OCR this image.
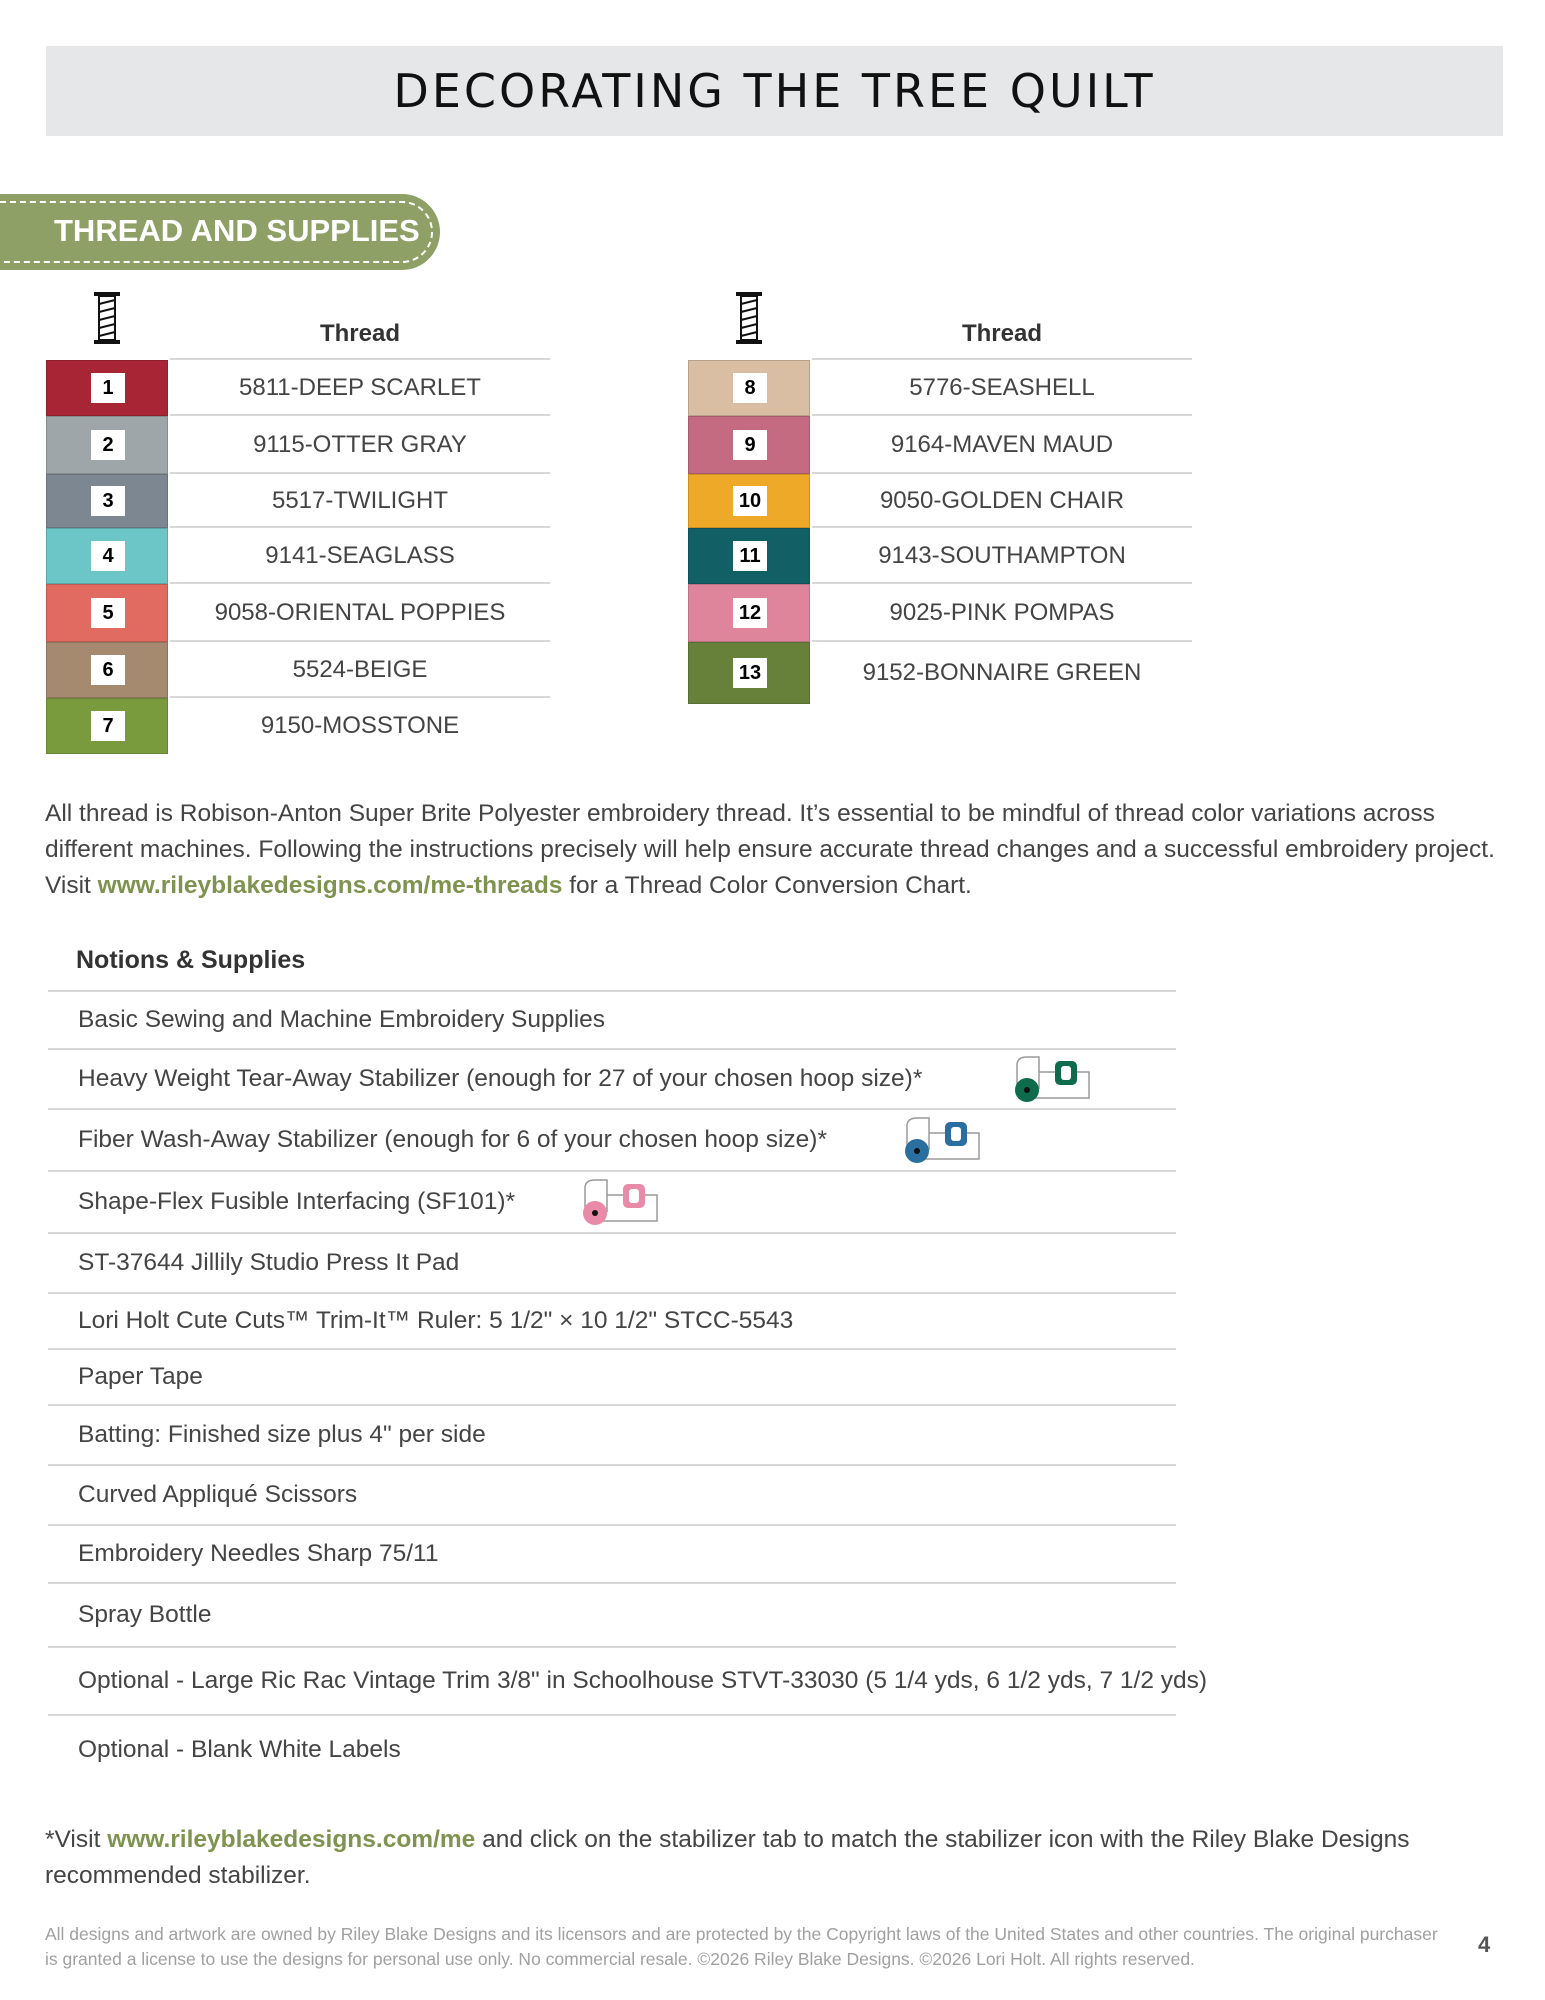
DECORATING THE TREE QUILT
THREAD AND SUPPLIES
Thread
1	5811-DEEP SCARLET
2	9115-OTTER GRAY
3	5517-TWILIGHT
4	9141-SEAGLASS
5	9058-ORIENTAL POPPIES
6	5524-BEIGE
7	9150-MOSSTONE
Thread
8	5776-SEASHELL
9	9164-MAVEN MAUD
10	9050-GOLDEN CHAIR
11	9143-SOUTHAMPTON
12	9025-PINK POMPAS
13	9152-BONNAIRE GREEN
All thread is Robison-Anton Super Brite Polyester embroidery thread. It’s essential to be mindful of thread color variations across different machines. Following the instructions precisely will help ensure accurate thread changes and a successful embroidery project. Visit www.rileyblakedesigns.com/me-threads for a Thread Color Conversion Chart.
Notions & Supplies
Basic Sewing and Machine Embroidery Supplies
Heavy Weight Tear-Away Stabilizer (enough for 27 of your chosen hoop size)*
Fiber Wash-Away Stabilizer (enough for 6 of your chosen hoop size)*
Shape-Flex Fusible Interfacing (SF101)*
ST-37644 Jillily Studio Press It Pad
Lori Holt Cute Cuts™ Trim-It™ Ruler: 5 1/2" × 10 1/2" STCC-5543
Paper Tape
Batting: Finished size plus 4" per side
Curved Appliqué Scissors
Embroidery Needles Sharp 75/11
Spray Bottle
Optional - Large Ric Rac Vintage Trim 3/8" in Schoolhouse STVT-33030 (5 1/4 yds, 6 1/2 yds, 7 1/2 yds)
Optional - Blank White Labels
*Visit www.rileyblakedesigns.com/me and click on the stabilizer tab to match the stabilizer icon with the Riley Blake Designs recommended stabilizer.
All designs and artwork are owned by Riley Blake Designs and its licensors and are protected by the Copyright laws of the United States and other countries. The original purchaser is granted a license to use the designs for personal use only. No commercial resale. ©2026 Riley Blake Designs. ©2026 Lori Holt. All rights reserved.
4
